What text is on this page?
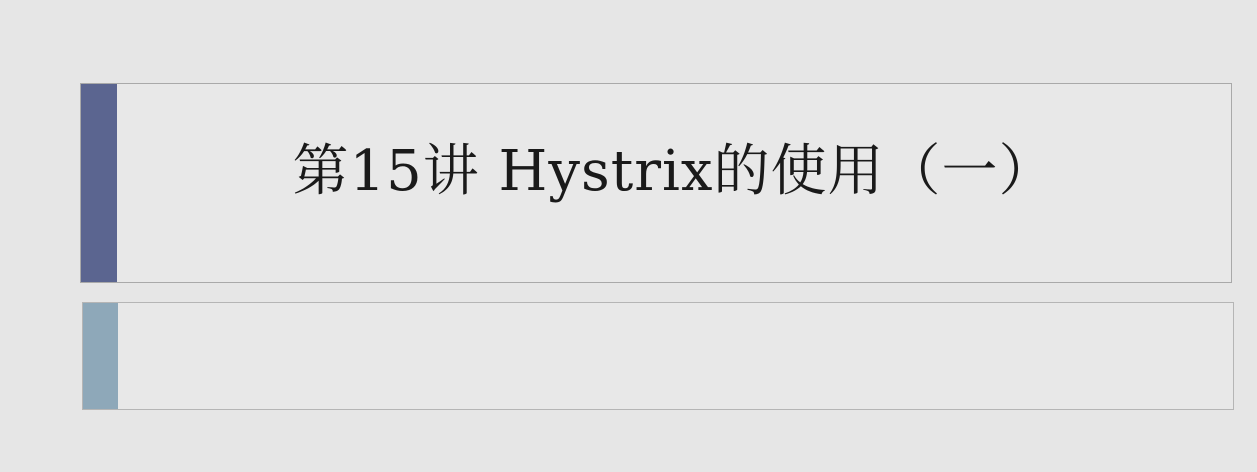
第15讲 Hystrix的使用（一）
